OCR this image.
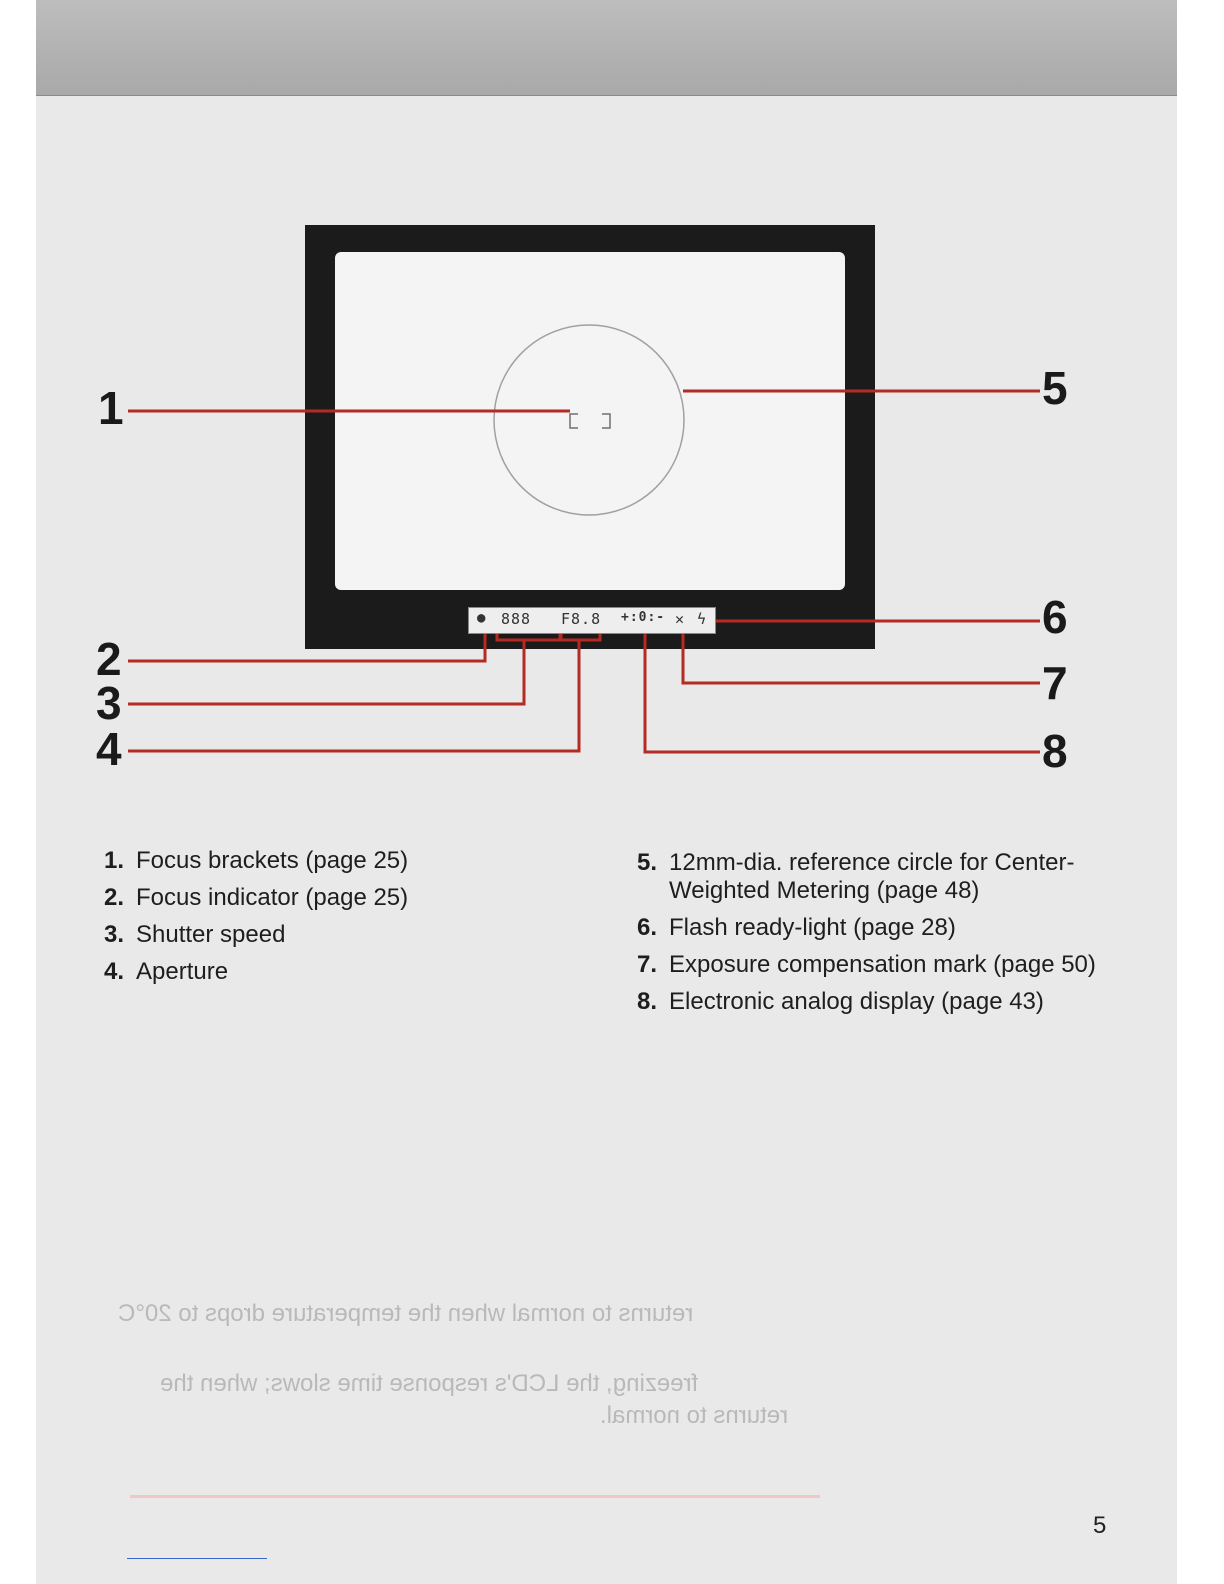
returns to normal when the temperature drops to 20°C
freezing, the LCD's response time slows; when the
returns to normal.
● 888 F8.8 +:0:- ✕ ϟ
1
2
3
4
5
6
7
8
1. Focus brackets (page 25)
2. Focus indicator (page 25)
3. Shutter speed
4. Aperture
5. 12mm-dia. reference circle for Center-Weighted Metering (page 48)
6. Flash ready-light (page 28)
7. Exposure compensation mark (page 50)
8. Electronic analog display (page 43)
5
